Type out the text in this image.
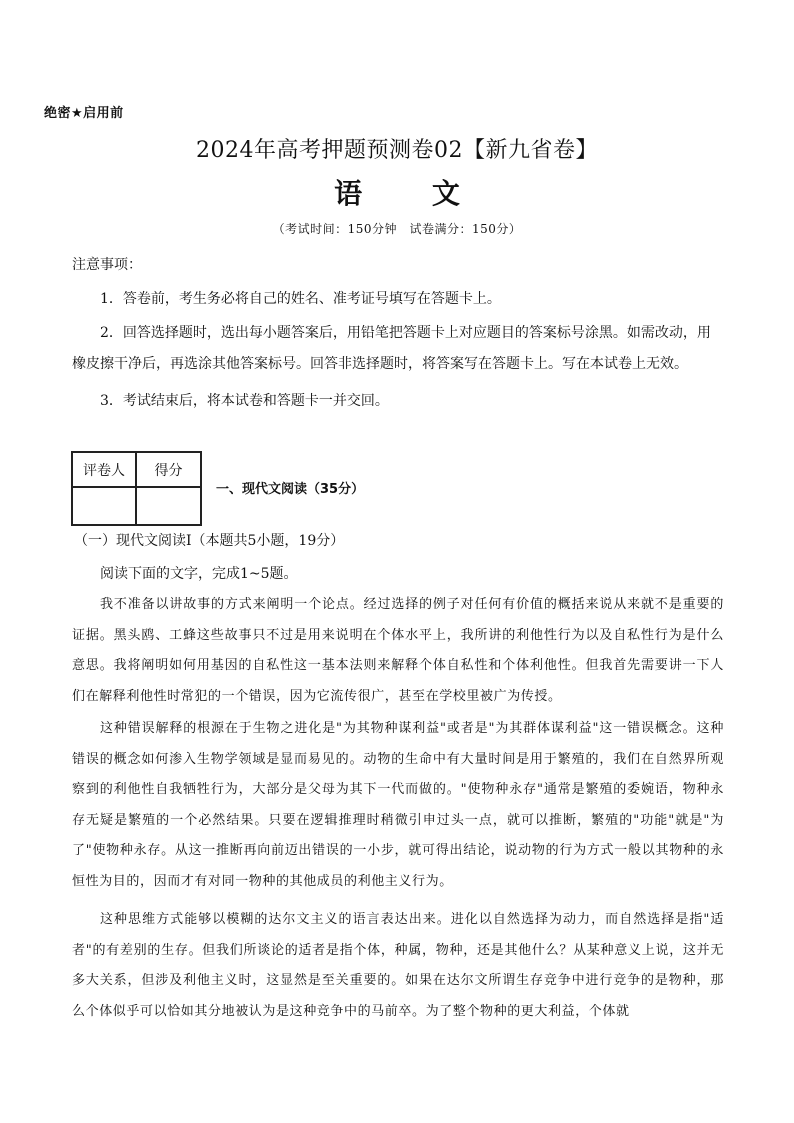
绝密★启用前
2024年高考押题预测卷02【新九省卷】
语 文
（考试时间：150分钟　试卷满分：150分）
注意事项：
1．答卷前，考生务必将自己的姓名、准考证号填写在答题卡上。
2．回答选择题时，选出每小题答案后，用铅笔把答题卡上对应题目的答案标号涂黑。如需改动，用橡皮擦干净后，再选涂其他答案标号。回答非选择题时，将答案写在答题卡上。写在本试卷上无效。
3．考试结束后，将本试卷和答题卡一并交回。
评卷人	得分

一、现代文阅读（35分）
（一）现代文阅读Ⅰ（本题共5小题，19分）
阅读下面的文字，完成1~5题。
我不准备以讲故事的方式来阐明一个论点。经过选择的例子对任何有价值的概括来说从来就不是重要的证据。黑头鸥、工蜂这些故事只不过是用来说明在个体水平上，我所讲的利他性行为以及自私性行为是什么意思。我将阐明如何用基因的自私性这一基本法则来解释个体自私性和个体利他性。但我首先需要讲一下人们在解释利他性时常犯的一个错误，因为它流传很广，甚至在学校里被广为传授。
这种错误解释的根源在于生物之进化是"为其物种谋利益"或者是"为其群体谋利益"这一错误概念。这种错误的概念如何渗入生物学领域是显而易见的。动物的生命中有大量时间是用于繁殖的，我们在自然界所观察到的利他性自我牺牲行为，大部分是父母为其下一代而做的。"使物种永存"通常是繁殖的委婉语，物种永存无疑是繁殖的一个必然结果。只要在逻辑推理时稍微引申过头一点，就可以推断，繁殖的"功能"就是"为了"使物种永存。从这一推断再向前迈出错误的一小步，就可得出结论，说动物的行为方式一般以其物种的永恒性为目的，因而才有对同一物种的其他成员的利他主义行为。
这种思维方式能够以模糊的达尔文主义的语言表达出来。进化以自然选择为动力，而自然选择是指"适者"的有差别的生存。但我们所谈论的适者是指个体，种属，物种，还是其他什么？从某种意义上说，这并无多大关系，但涉及利他主义时，这显然是至关重要的。如果在达尔文所谓生存竞争中进行竞争的是物种，那么个体似乎可以恰如其分地被认为是这种竞争中的马前卒。为了整个物种的更大利益，个体就
